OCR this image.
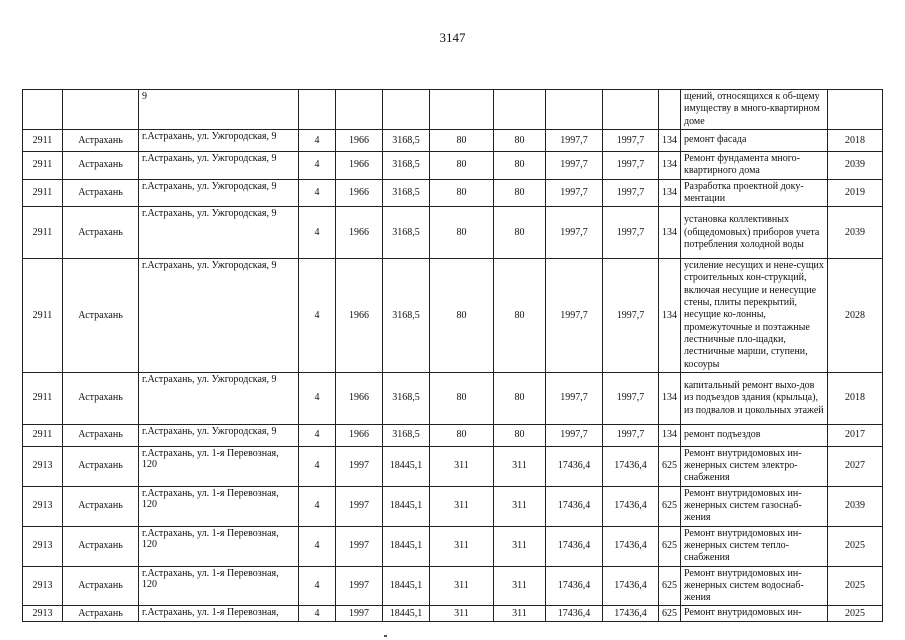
3147
		9									щений, относящихся к об-щему имуществу в много-квартирном доме	
2911	Астрахань	г.Астрахань, ул. Ужгородская, 9	4	1966	3168,5	80	80	1997,7	1997,7	134	ремонт фасада	2018
2911	Астрахань	г.Астрахань, ул. Ужгородская, 9	4	1966	3168,5	80	80	1997,7	1997,7	134	Ремонт фундамента много-квартирного дома	2039
2911	Астрахань	г.Астрахань, ул. Ужгородская, 9	4	1966	3168,5	80	80	1997,7	1997,7	134	Разработка проектной доку-ментации	2019
2911	Астрахань	г.Астрахань, ул. Ужгородская, 9	4	1966	3168,5	80	80	1997,7	1997,7	134	установка коллективных (общедомовых) приборов учета потребления холодной воды	2039
2911	Астрахань	г.Астрахань, ул. Ужгородская, 9	4	1966	3168,5	80	80	1997,7	1997,7	134	усиление несущих и нене-сущих строительных кон-струкций, включая несущие и ненесущие стены, плиты перекрытий, несущие ко-лонны, промежуточные и поэтажные лестничные пло-щадки, лестничные марши, ступени, косоуры	2028
2911	Астрахань	г.Астрахань, ул. Ужгородская, 9	4	1966	3168,5	80	80	1997,7	1997,7	134	капитальный ремонт выхо-дов из подъездов здания (крыльца), из подвалов и цокольных этажей	2018
2911	Астрахань	г.Астрахань, ул. Ужгородская, 9	4	1966	3168,5	80	80	1997,7	1997,7	134	ремонт подъездов	2017
2913	Астрахань	г.Астрахань, ул. 1-я Перевозная, 120	4	1997	18445,1	311	311	17436,4	17436,4	625	Ремонт внутридомовых ин-женерных систем электро-снабжения	2027
2913	Астрахань	г.Астрахань, ул. 1-я Перевозная, 120	4	1997	18445,1	311	311	17436,4	17436,4	625	Ремонт внутридомовых ин-женерных систем газоснаб-жения	2039
2913	Астрахань	г.Астрахань, ул. 1-я Перевозная, 120	4	1997	18445,1	311	311	17436,4	17436,4	625	Ремонт внутридомовых ин-женерных систем тепло-снабжения	2025
2913	Астрахань	г.Астрахань, ул. 1-я Перевозная, 120	4	1997	18445,1	311	311	17436,4	17436,4	625	Ремонт внутридомовых ин-женерных систем водоснаб-жения	2025
2913	Астрахань	г.Астрахань, ул. 1-я Перевозная,	4	1997	18445,1	311	311	17436,4	17436,4	625	Ремонт внутридомовых ин-	2025
